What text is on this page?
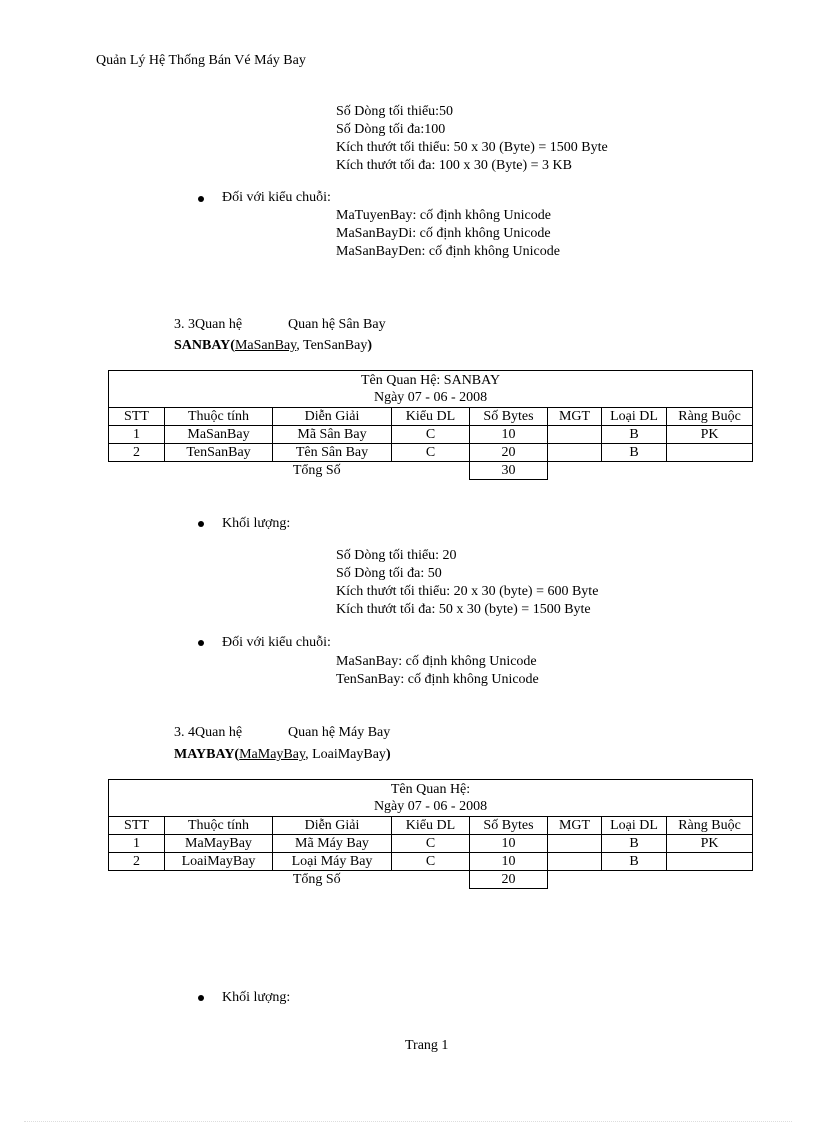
Quản Lý Hệ Thống Bán Vé Máy Bay
Số Dòng tối thiểu:50
Số Dòng tối đa:100
Kích thướt tối thiểu: 50 x 30 (Byte) = 1500 Byte
Kích thướt tối đa: 100 x 30 (Byte) = 3 KB
Đối với kiểu chuỗi:
MaTuyenBay: cố định không Unicode
MaSanBayDi: cố định không Unicode
MaSanBayDen: cố định không Unicode
3. 3Quan hệ	Quan hệ Sân Bay
SANBAY(MaSanBay, TenSanBay)
Tên Quan Hệ: SANBAY
Ngày 07 - 06 - 2008							

STT	Thuộc tính	Diễn Giải	Kiểu DL	Số Bytes	MGT	Loại DL	Ràng Buộc
1	MaSanBay	Mã Sân Bay	C	10		B	PK
2	TenSanBay	Tên Sân Bay	C	20		B	
	Tổng Số			30			
Khối lượng:
Số Dòng tối thiểu: 20
Số Dòng tối đa: 50
Kích thướt tối thiểu: 20 x 30 (byte) = 600 Byte
Kích thướt tối đa: 50 x 30 (byte) = 1500 Byte
Đối với kiểu chuỗi:
MaSanBay: cố định không Unicode
TenSanBay: cố định không Unicode
3. 4Quan hệ	Quan hệ Máy Bay
MAYBAY(MaMayBay, LoaiMayBay)
Tên Quan Hệ:
Ngày 07 - 06 - 2008							

STT	Thuộc tính	Diễn Giải	Kiểu DL	Số Bytes	MGT	Loại DL	Ràng Buộc
1	MaMayBay	Mã Máy Bay	C	10		B	PK
2	LoaiMayBay	Loại Máy Bay	C	10		B	
	Tổng Số			20			
Khối lượng:
Trang 1
